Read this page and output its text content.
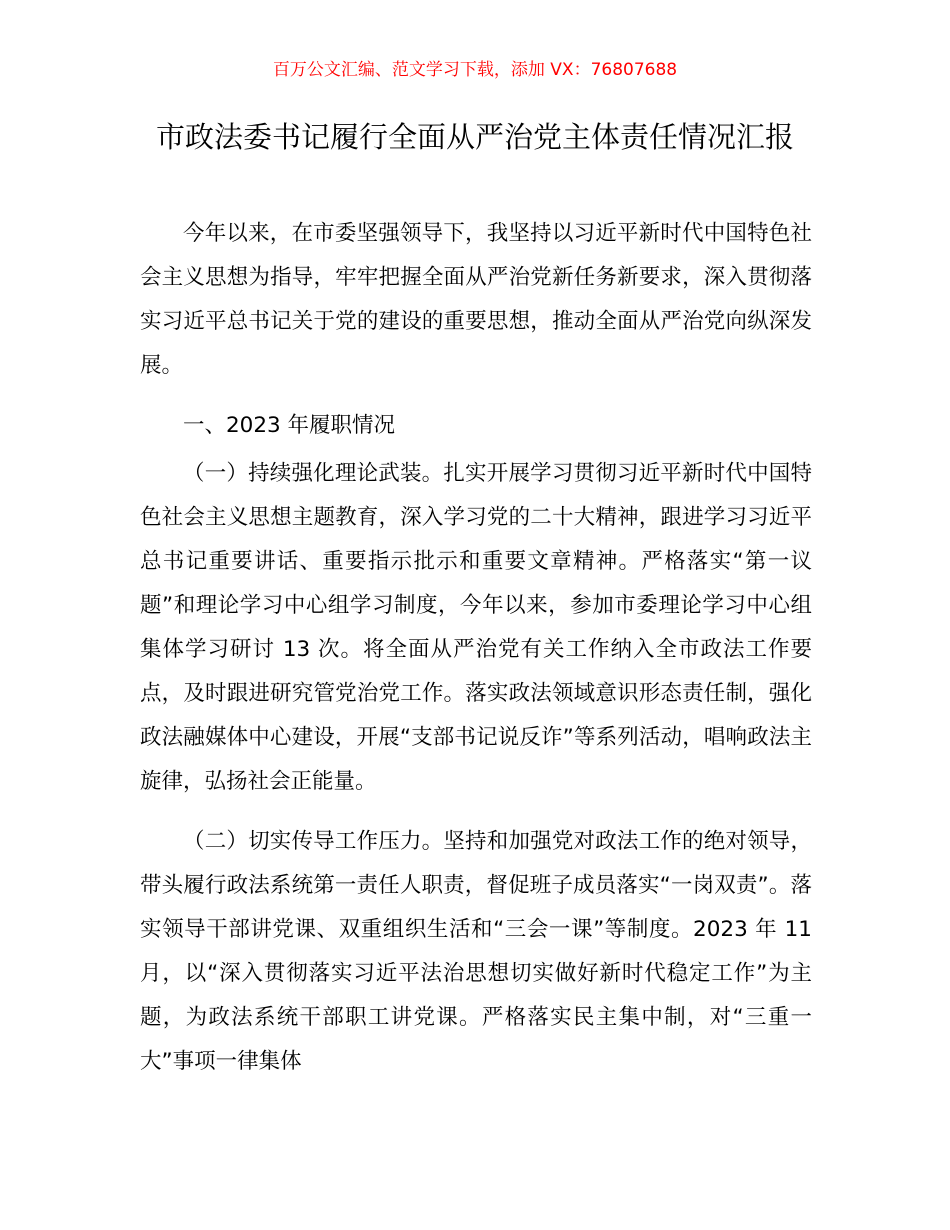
百万公文汇编、范文学习下载，添加 VX：76807688
市政法委书记履行全面从严治党主体责任情况汇报

今年以来，在市委坚强领导下，我坚持以习近平新时代中国特色社会主义思想为指导，牢牢把握全面从严治党新任务新要求，深入贯彻落实习近平总书记关于党的建设的重要思想，推动全面从严治党向纵深发展。

一、2023 年履职情况

（一）持续强化理论武装。扎实开展学习贯彻习近平新时代中国特色社会主义思想主题教育，深入学习党的二十大精神，跟进学习习近平总书记重要讲话、重要指示批示和重要文章精神。严格落实“第一议题”和理论学习中心组学习制度，今年以来，参加市委理论学习中心组集体学习研讨 13 次。将全面从严治党有关工作纳入全市政法工作要点，及时跟进研究管党治党工作。落实政法领域意识形态责任制，强化政法融媒体中心建设，开展“支部书记说反诈”等系列活动，唱响政法主旋律，弘扬社会正能量。

（二）切实传导工作压力。坚持和加强党对政法工作的绝对领导，带头履行政法系统第一责任人职责，督促班子成员落实“一岗双责”。落实领导干部讲党课、双重组织生活和“三会一课”等制度。2023 年 11 月，以“深入贯彻落实习近平法治思想切实做好新时代稳定工作”为主题，为政法系统干部职工讲党课。严格落实民主集中制，对“三重一大”事项一律集体
